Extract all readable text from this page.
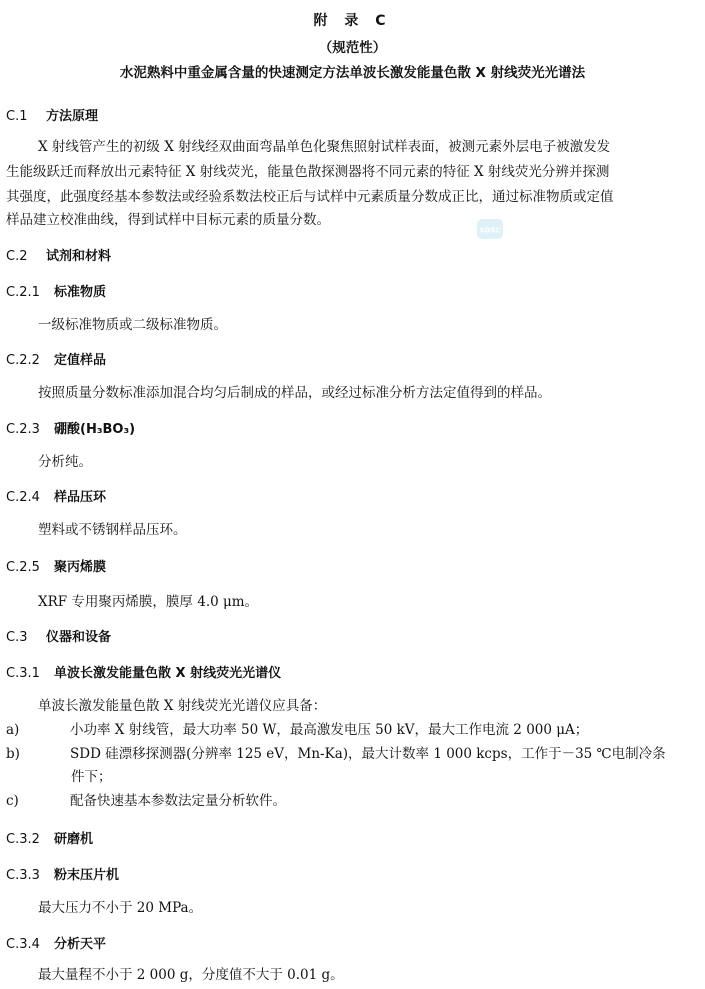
附 录 C
（规范性）
水泥熟料中重金属含量的快速测定方法单波长激发能量色散 X 射线荧光光谱法
C.1 方法原理
X 射线管产生的初级 X 射线经双曲面弯晶单色化聚焦照射试样表面，被测元素外层电子被激发发
生能级跃迁而释放出元素特征 X 射线荧光，能量色散探测器将不同元素的特征 X 射线荧光分辨并探测
其强度，此强度经基本参数法或经验系数法校正后与试样中元素质量分数成正比，通过标准物质或定值
样品建立校准曲线，得到试样中目标元素的质量分数。
SDSC
C.2 试剂和材料
C.2.1 标准物质
一级标准物质或二级标准物质。
C.2.2 定值样品
按照质量分数标准添加混合均匀后制成的样品，或经过标准分析方法定值得到的样品。
C.2.3 硼酸(H₃BO₃)
分析纯。
C.2.4 样品压环
塑料或不锈钢样品压环。
C.2.5 聚丙烯膜
XRF 专用聚丙烯膜，膜厚 4.0 μm。
C.3 仪器和设备
C.3.1 单波长激发能量色散 X 射线荧光光谱仪
单波长激发能量色散 X 射线荧光光谱仪应具备：
a)	小功率 X 射线管，最大功率 50 W，最高激发电压 50 kV，最大工作电流 2 000 μA；
b)	SDD 硅漂移探测器(分辨率 125 eV，Mn-Ka)，最大计数率 1 000 kcps，工作于－35 ℃电制冷条
件下；
c)	配备快速基本参数法定量分析软件。
C.3.2 研磨机
C.3.3 粉末压片机
最大压力不小于 20 MPa。
C.3.4 分析天平
最大量程不小于 2 000 g，分度值不大于 0.01 g。
